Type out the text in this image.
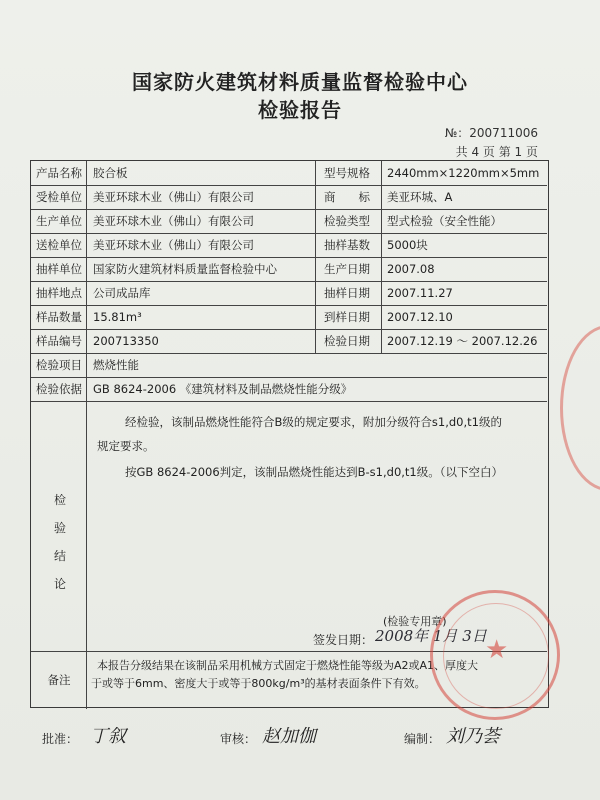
国家防火建筑材料质量监督检验中心
检验报告
№：200711006
共 4 页 第 1 页
产品名称 胶合板	型号规格 2440mm×1220mm×5mm
受检单位 美亚环球木业（佛山）有限公司	商　　标 美亚环城、A
生产单位 美亚环球木业（佛山）有限公司	检验类型 型式检验（安全性能）
送检单位 美亚环球木业（佛山）有限公司	抽样基数 5000块
抽样单位 国家防火建筑材料质量监督检验中心	生产日期 2007.08
抽样地点 公司成品库	抽样日期 2007.11.27
样品数量 15.81m³	到样日期 2007.12.10
样品编号 200713350	检验日期 2007.12.19 ～ 2007.12.26
检验项目 燃烧性能
检验依据 GB 8624-2006 《建筑材料及制品燃烧性能分级》
检
验
结
论
经检验，该制品燃烧性能符合B级的规定要求，附加分级符合s1,d0,t1级的
规定要求。
按GB 8624-2006判定，该制品燃烧性能达到B-s1,d0,t1级。（以下空白）
(检验专用章)
签发日期： 2008年 1月 3日
备注
本报告分级结果在该制品采用机械方式固定于燃烧性能等级为A2或A1、厚度大
于或等于6mm、密度大于或等于800kg/m³的基材表面条件下有效。
★
批准： 丁叙	审核： 赵加伽	编制： 刘乃荟
